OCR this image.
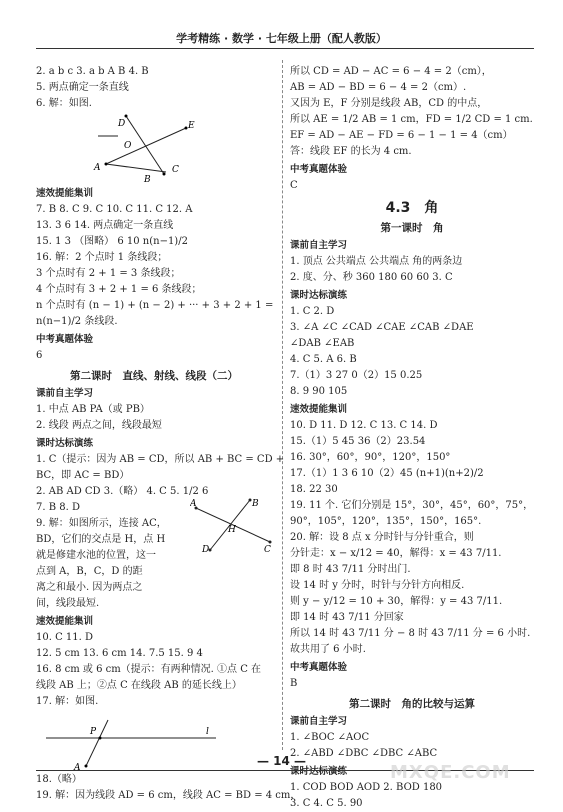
学考精练 · 数学 · 七年级上册（配人教版）
2. a b c 3. a b A B 4. B
5. 两点确定一条直线
6. 解：如图.
D	E
O
A
B
C
速效提能集训
7. B 8. C 9. C 10. C 11. C 12. A
13. 3 6 14. 两点确定一条直线
15. 1 3 （图略） 6 10 n(n−1)/2
16. 解：2 个点时 1 条线段；
3 个点时有 2 + 1 = 3 条线段；
4 个点时有 3 + 2 + 1 = 6 条线段；
n 个点时有 (n − 1) + (n − 2) + ··· + 3 + 2 + 1 =
n(n−1)/2 条线段.
中考真题体验
6
第二课时　直线、射线、线段（二）
课前自主学习
1. 中点 AB PA（或 PB）
2. 线段 两点之间，线段最短
课时达标演练
1. C（提示：因为 AB = CD，所以 AB + BC = CD +
BC，即 AC = BD）
2. AB AD CD 3.（略） 4. C 5. 1/2 6
7. B 8. D
9. 解：如图所示，连接 AC，
BD，它们的交点是 H，点 H
就是修建水池的位置，这一
点到 A，B，C，D 的距
离之和最小. 因为两点之
间，线段最短.
速效提能集训
10. C 11. D
12. 5 cm 13. 6 cm 14. 7.5 15. 9 4
16. 8 cm 或 6 cm（提示：有两种情况. ①点 C 在
线段 AB 上；②点 C 在线段 AB 的延长线上）
17. 解：如图.
P
A
l
18.（略）
19. 解：因为线段 AD = 6 cm，线段 AC = BD = 4 cm，
所以 CD = AD − AC = 6 − 4 = 2（cm），
AB = AD − BD = 6 − 4 = 2（cm）.
又因为 E，F 分别是线段 AB，CD 的中点，
所以 AE = 1/2 AB = 1 cm，FD = 1/2 CD = 1 cm.
EF = AD − AE − FD = 6 − 1 − 1 = 4（cm）
答：线段 EF 的长为 4 cm.
中考真题体验
C
4.3　角
第一课时　角
课前自主学习
1. 顶点 公共端点 公共端点 角的两条边
2. 度、分、秒 360 180 60 60 3. C
课时达标演练
1. C 2. D
3. ∠A ∠C ∠CAD ∠CAE ∠CAB ∠DAE
∠DAB ∠EAB
4. C 5. A 6. B
7.（1）3 27 0（2）15 0.25
8. 9 90 105
速效提能集训
10. D 11. D 12. C 13. C 14. D
15.（1）5 45 36（2）23.54
16. 30°，60°，90°，120°，150°
17.（1）1 3 6 10（2）45 (n+1)(n+2)/2
18. 22 30
19. 11 个. 它们分别是 15°，30°，45°，60°，75°，
90°，105°，120°，135°，150°，165°.
20. 解：设 8 点 x 分时针与分针重合，则
分针走：x − x/12 = 40，解得：x = 43 7/11.
即 8 时 43 7/11 分时出门.
设 14 时 y 分时，时针与分针方向相反.
则 y − y/12 = 10 + 30，解得：y = 43 7/11.
即 14 时 43 7/11 分回家
所以 14 时 43 7/11 分 − 8 时 43 7/11 分 = 6 小时.
故共用了 6 小时.
中考真题体验
B
第二课时　角的比较与运算
课前自主学习
1. ∠BOC ∠AOC
2. ∠ABD ∠DBC ∠DBC ∠ABC
课时达标演练
1. COD BOD AOD 2. BOD 180
3. C 4. C 5. 90
A	B
C
D
H
— 14 —
MXQE.COM
